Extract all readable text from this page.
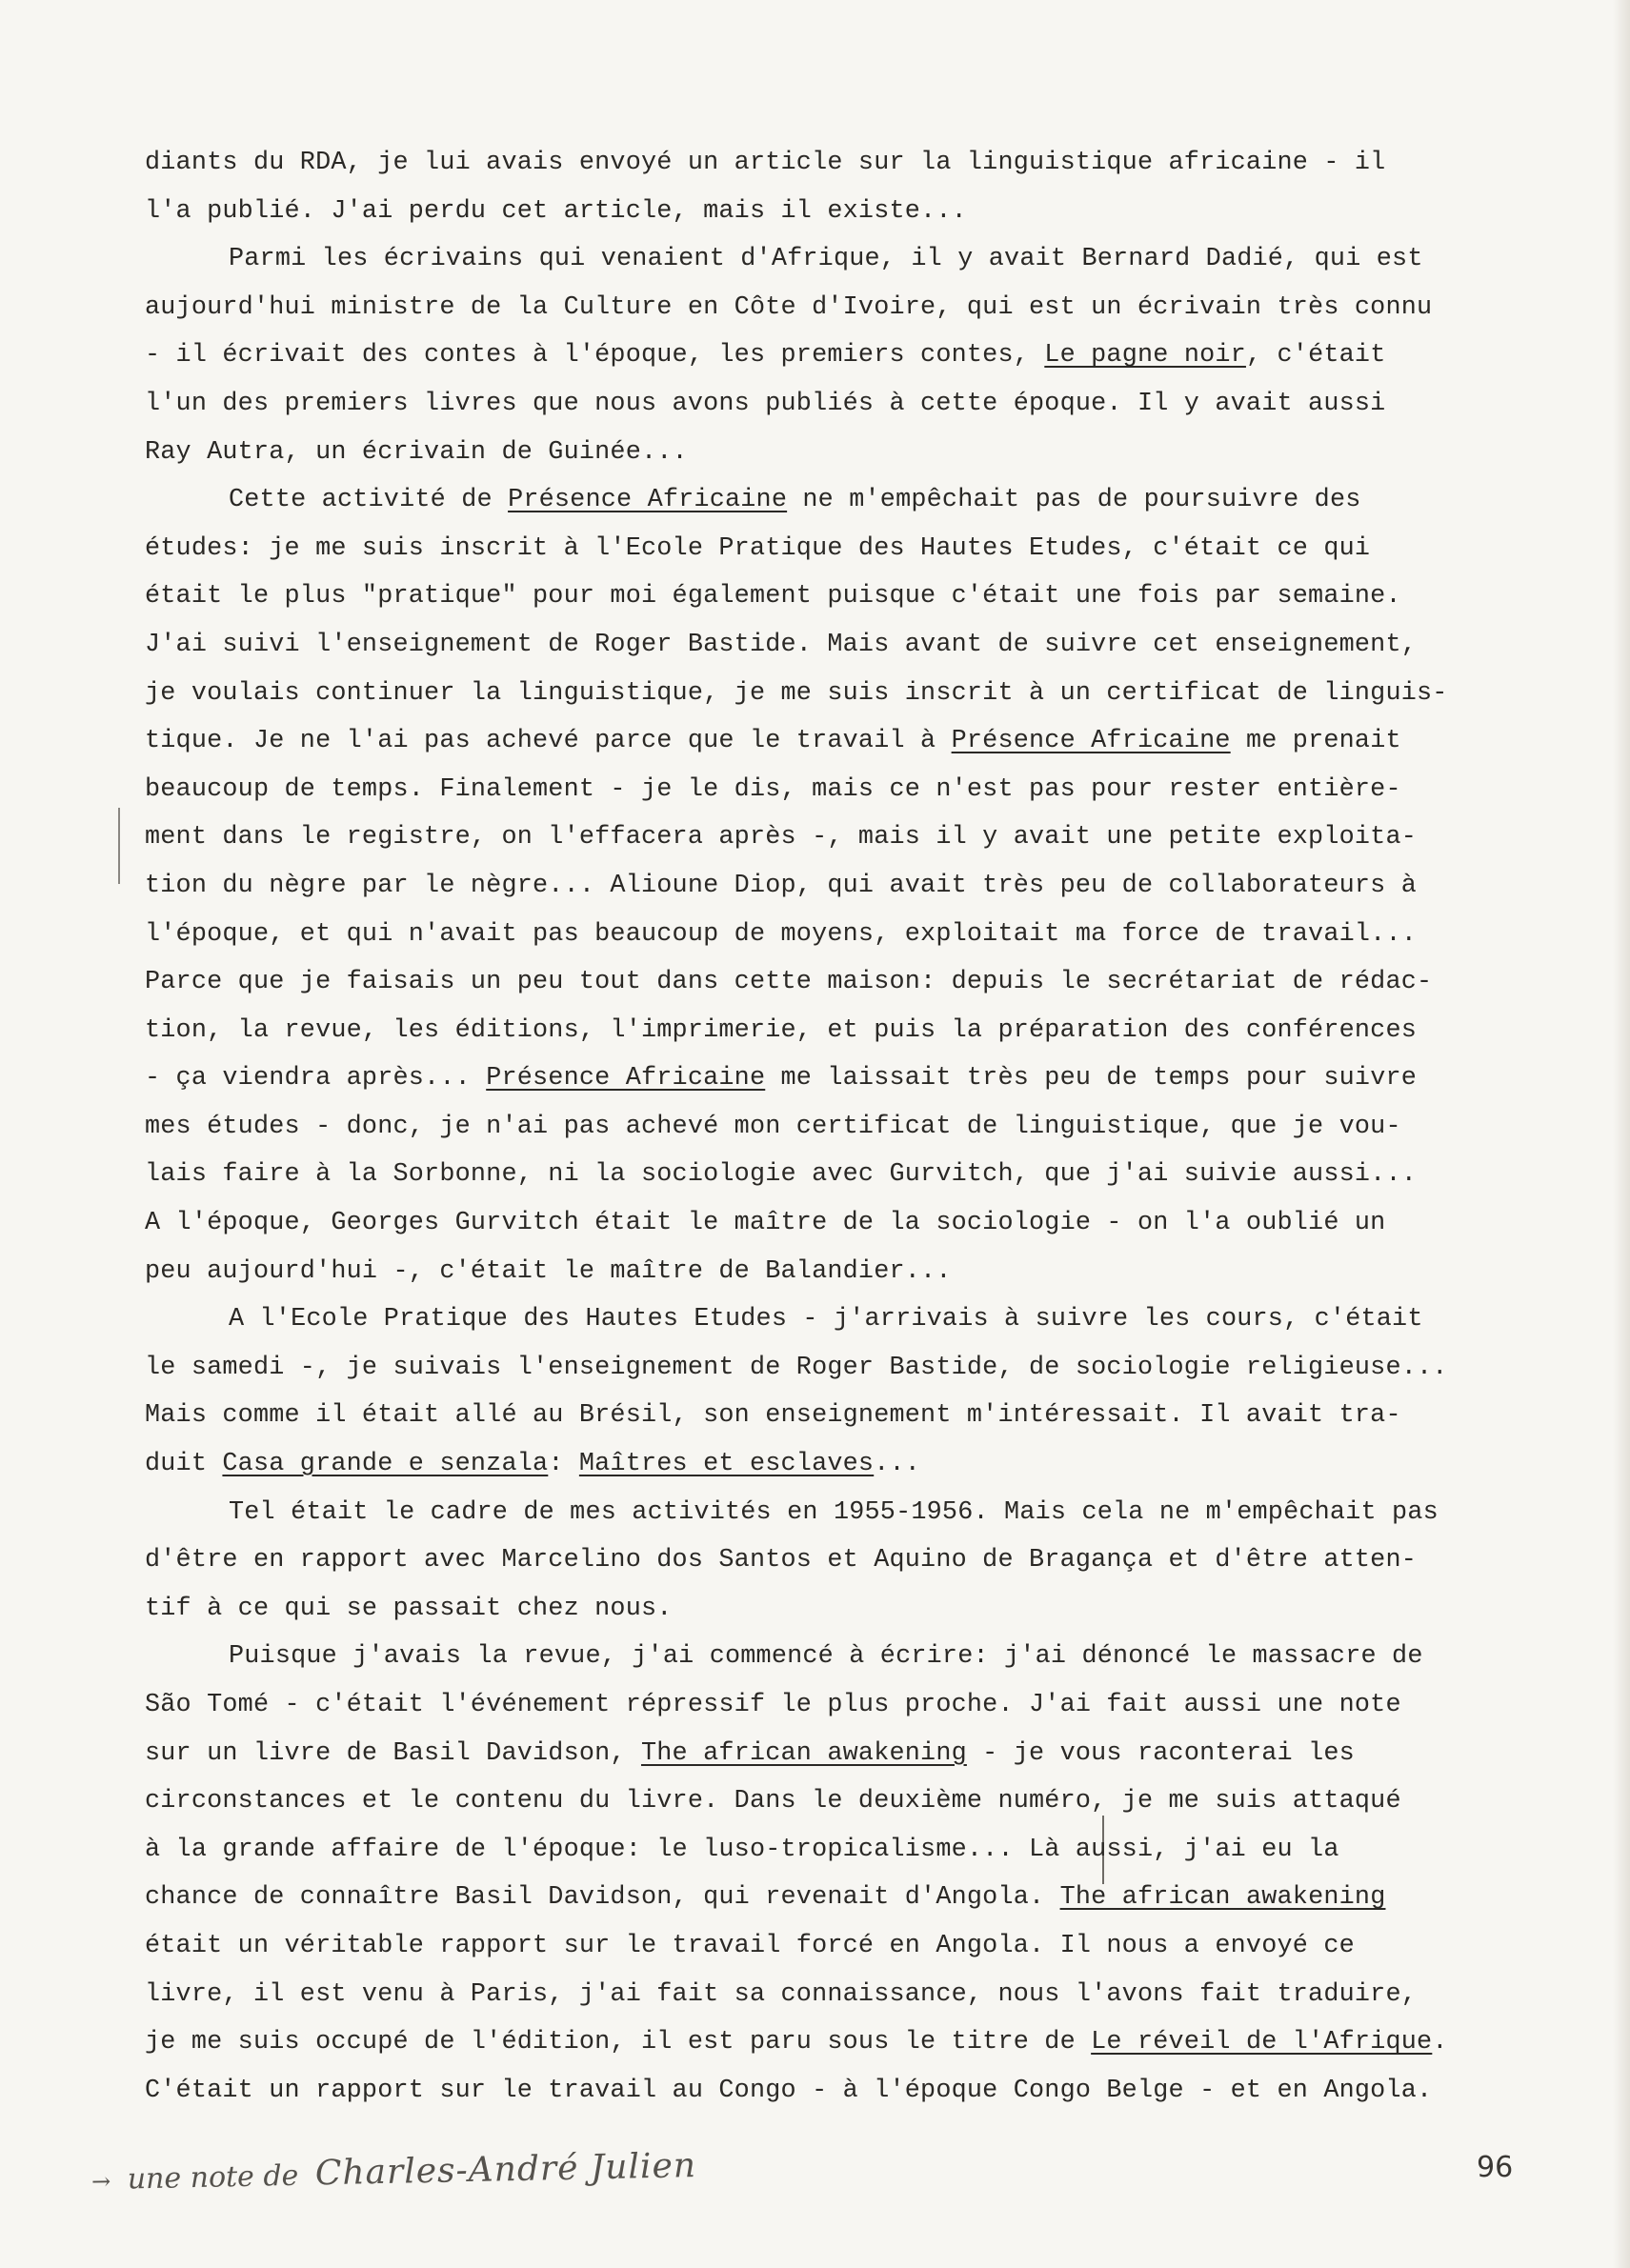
diants du RDA, je lui avais envoyé un article sur la linguistique africaine - il
l'a publié. J'ai perdu cet article, mais il existe...
Parmi les écrivains qui venaient d'Afrique, il y avait Bernard Dadié, qui est
aujourd'hui ministre de la Culture en Côte d'Ivoire, qui est un écrivain très connu
- il écrivait des contes à l'époque, les premiers contes, Le pagne noir, c'était
l'un des premiers livres que nous avons publiés à cette époque. Il y avait aussi
Ray Autra, un écrivain de Guinée...
Cette activité de Présence Africaine ne m'empêchait pas de poursuivre des
études: je me suis inscrit à l'Ecole Pratique des Hautes Etudes, c'était ce qui
était le plus "pratique" pour moi également puisque c'était une fois par semaine.
J'ai suivi l'enseignement de Roger Bastide. Mais avant de suivre cet enseignement,
je voulais continuer la linguistique, je me suis inscrit à un certificat de linguis-
tique. Je ne l'ai pas achevé parce que le travail à Présence Africaine me prenait
beaucoup de temps. Finalement - je le dis, mais ce n'est pas pour rester entière-
ment dans le registre, on l'effacera après -, mais il y avait une petite exploita-
tion du nègre par le nègre... Alioune Diop, qui avait très peu de collaborateurs à
l'époque, et qui n'avait pas beaucoup de moyens, exploitait ma force de travail...
Parce que je faisais un peu tout dans cette maison: depuis le secrétariat de rédac-
tion, la revue, les éditions, l'imprimerie, et puis la préparation des conférences
- ça viendra après... Présence Africaine me laissait très peu de temps pour suivre
mes études - donc, je n'ai pas achevé mon certificat de linguistique, que je vou-
lais faire à la Sorbonne, ni la sociologie avec Gurvitch, que j'ai suivie aussi...
A l'époque, Georges Gurvitch était le maître de la sociologie - on l'a oublié un
peu aujourd'hui -, c'était le maître de Balandier...
A l'Ecole Pratique des Hautes Etudes - j'arrivais à suivre les cours, c'était
le samedi -, je suivais l'enseignement de Roger Bastide, de sociologie religieuse...
Mais comme il était allé au Brésil, son enseignement m'intéressait. Il avait tra-
duit Casa grande e senzala: Maîtres et esclaves...
Tel était le cadre de mes activités en 1955-1956. Mais cela ne m'empêchait pas
d'être en rapport avec Marcelino dos Santos et Aquino de Bragança et d'être atten-
tif à ce qui se passait chez nous.
Puisque j'avais la revue, j'ai commencé à écrire: j'ai dénoncé le massacre de
São Tomé - c'était l'événement répressif le plus proche. J'ai fait aussi une note
sur un livre de Basil Davidson, The african awakening - je vous raconterai les
circonstances et le contenu du livre. Dans le deuxième numéro, je me suis attaqué
à la grande affaire de l'époque: le luso-tropicalisme... Là aussi, j'ai eu la
chance de connaître Basil Davidson, qui revenait d'Angola. The african awakening
était un véritable rapport sur le travail forcé en Angola. Il nous a envoyé ce
livre, il est venu à Paris, j'ai fait sa connaissance, nous l'avons fait traduire,
je me suis occupé de l'édition, il est paru sous le titre de Le réveil de l'Afrique.
C'était un rapport sur le travail au Congo - à l'époque Congo Belge - et en Angola.
→ une note de Charles-André Julien	96
